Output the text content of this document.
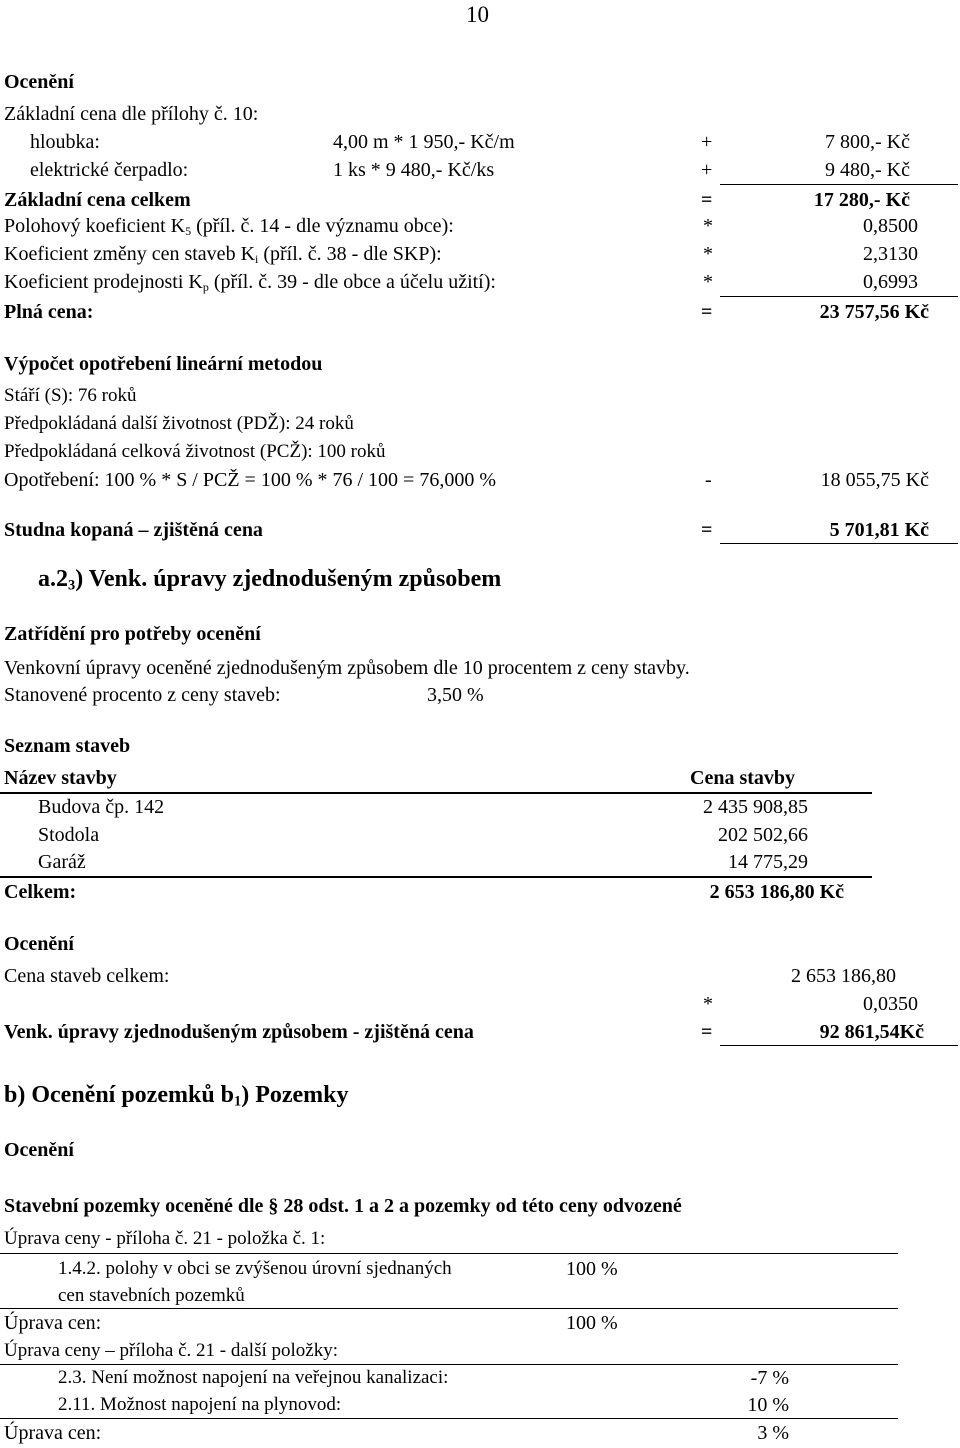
10
Ocenění
Základní cena dle přílohy č. 10:
hloubka:	4,00 m * 1 950,- Kč/m	+	7 800,- Kč
elektrické čerpadlo:	1 ks * 9 480,- Kč/ks	+	9 480,- Kč
Základní cena celkem	=	17 280,- Kč
Polohový koeficient $K_5$ (příl. č. 14 - dle významu obce):	*	0,8500
Koeficient změny cen staveb $K_i$ (příl. č. 38 - dle SKP):	*	2,3130
Koeficient prodejnosti $K_p$ (příl. č. 39 - dle obce a účelu užití):	*	0,6993
Plná cena:	=	23 757,56 Kč
Výpočet opotřebení lineární metodou
Stáří (S): 76 roků
Předpokládaná další životnost (PDŽ): 24 roků
Předpokládaná celková životnost (PCŽ): 100 roků
Opotřebení: 100 % * S / PCŽ = 100 % * 76 / 100 = 76,000 %	-	18 055,75 Kč
Studna kopaná – zjištěná cena	=	5 701,81 Kč
$a.2_3$) Venk. úpravy zjednodušeným způsobem
Zatřídění pro potřeby ocenění
Venkovní úpravy oceněné zjednodušeným způsobem dle 10 procentem z ceny stavby.
Stanovené procento z ceny staveb:	3,50 %
Seznam staveb
Název stavby	Cena stavby
Budova čp. 142	2 435 908,85
Stodola	202 502,66
Garáž	14 775,29
Celkem:	2 653 186,80 Kč
Ocenění
Cena staveb celkem:	2 653 186,80
*	0,0350
Venk. úpravy zjednodušeným způsobem - zjištěná cena	=	92 861,54Kč
b) Ocenění pozemků $b_1$) Pozemky
Ocenění
Stavební pozemky oceněné dle § 28 odst. 1 a 2 a pozemky od této ceny odvozené
Úprava ceny - příloha č. 21 - položka č. 1:
1.4.2. polohy v obci se zvýšenou úrovní sjednaných	100 %
cen stavebních pozemků
Úprava cen:	100 %
Úprava ceny – příloha č. 21 - další položky:
2.3. Není možnost napojení na veřejnou kanalizaci:	-7 %
2.11. Možnost napojení na plynovod:	10 %
Úprava cen:	3 %
